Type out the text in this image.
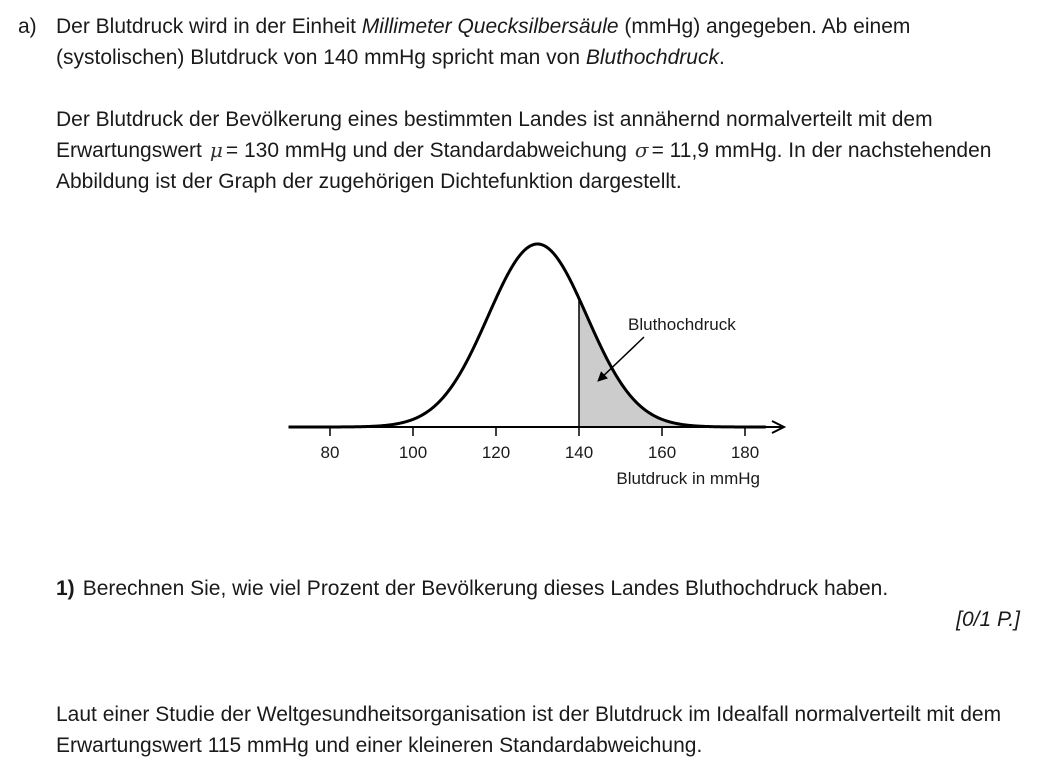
a) Der Blutdruck wird in der Einheit Millimeter Quecksilbersäule (mmHg) angegeben. Ab einem (systolischen) Blutdruck von 140 mmHg spricht man von Bluthochdruck.
Der Blutdruck der Bevölkerung eines bestimmten Landes ist annähernd normalverteilt mit dem Erwartungswert μ = 130 mmHg und der Standardabweichung σ = 11,9 mmHg. In der nachstehenden Abbildung ist der Graph der zugehörigen Dichtefunktion dargestellt.
80	100	120	140	160	180
Blutdruck in mmHg
Bluthochdruck
1) Berechnen Sie, wie viel Prozent der Bevölkerung dieses Landes Bluthochdruck haben.
[0/1 P.]
Laut einer Studie der Weltgesundheitsorganisation ist der Blutdruck im Idealfall normalverteilt mit dem Erwartungswert 115 mmHg und einer kleineren Standardabweichung.
